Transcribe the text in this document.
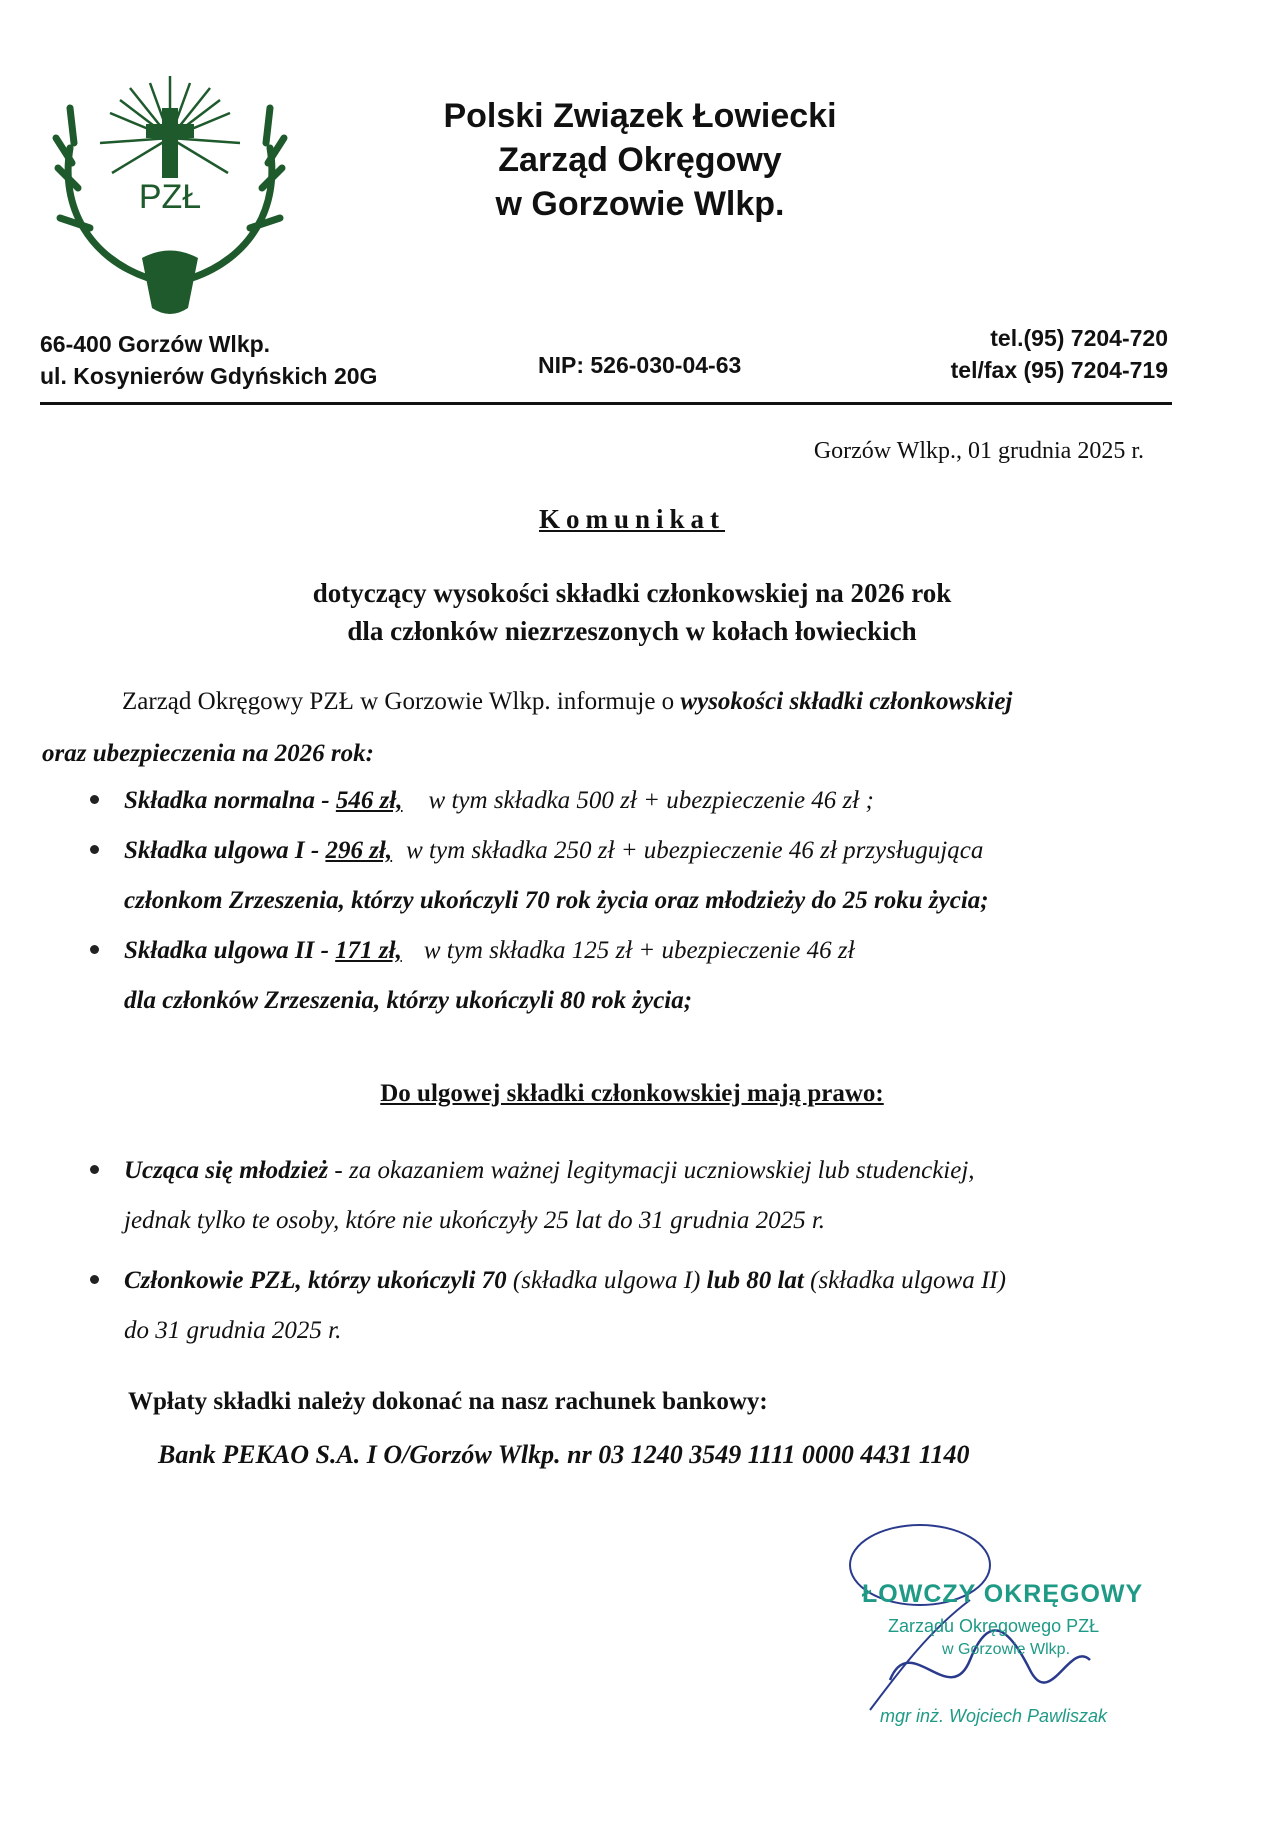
PZŁ
Polski Związek Łowiecki
Zarząd Okręgowy
w Gorzowie Wlkp.
66-400 Gorzów Wlkp.
ul. Kosynierów Gdyńskich 20G	NIP: 526-030-04-63
tel.(95) 7204-720
tel/fax (95) 7204-719
Gorzów Wlkp., 01 grudnia 2025 r.
Komunikat
dotyczący wysokości składki członkowskiej na 2026 rok
dla członków niezrzeszonych w kołach łowieckich
Zarząd Okręgowy PZŁ w Gorzowie Wlkp. informuje o wysokości składki członkowskiej
oraz ubezpieczenia na 2026 rok:
Składka normalna - 546 zł, w tym składka 500 zł + ubezpieczenie 46 zł ;
Składka ulgowa I - 296 zł, w tym składka 250 zł + ubezpieczenie 46 zł przysługująca
członkom Zrzeszenia, którzy ukończyli 70 rok życia oraz młodzieży do 25 roku życia;
Składka ulgowa II - 171 zł, w tym składka 125 zł + ubezpieczenie 46 zł
dla członków Zrzeszenia, którzy ukończyli 80 rok życia;
Do ulgowej składki członkowskiej mają prawo:
Ucząca się młodzież - za okazaniem ważnej legitymacji uczniowskiej lub studenckiej,
jednak tylko te osoby, które nie ukończyły 25 lat do 31 grudnia 2025 r.
Członkowie PZŁ, którzy ukończyli 70 (składka ulgowa I) lub 80 lat (składka ulgowa II)
do 31 grudnia 2025 r.
Wpłaty składki należy dokonać na nasz rachunek bankowy:
Bank PEKAO S.A. I O/Gorzów Wlkp. nr 03 1240 3549 1111 0000 4431 1140
ŁOWCZY OKRĘGOWY
Zarządu Okręgowego PZŁ
w Gorzowie Wlkp.
mgr inż. Wojciech Pawliszak
